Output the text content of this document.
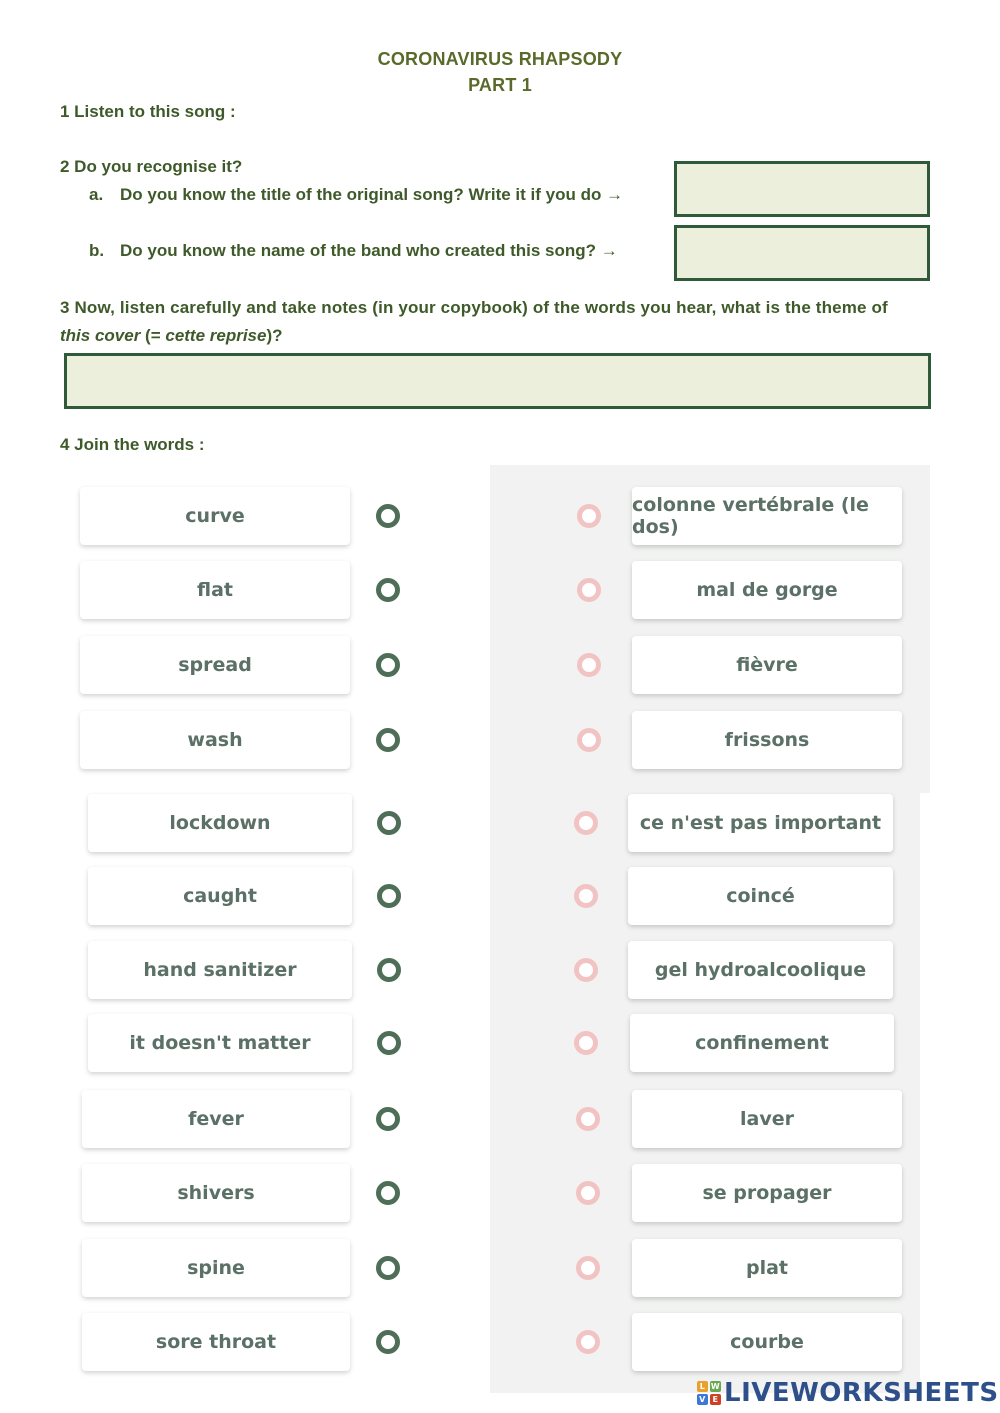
CORONAVIRUS RHAPSODY
PART 1
1 Listen to this song :
2 Do you recognise it?
a. Do you know the title of the original song? Write it if you do →
b. Do you know the name of the band who created this song? →
3 Now, listen carefully and take notes (in your copybook) of the words you hear, what is the theme of
this cover (= cette reprise)?
4 Join the words :
curve	colonne vertébrale (le dos)
flat	mal de gorge
spread	fièvre
wash	frissons
lockdown	ce n'est pas important
caught	coincé
hand sanitizer	gel hydroalcoolique
it doesn't matter	confinement
fever	laver
shivers	se propager
spine	plat
sore throat	courbe
L W
V E LIVEWORKSHEETS
